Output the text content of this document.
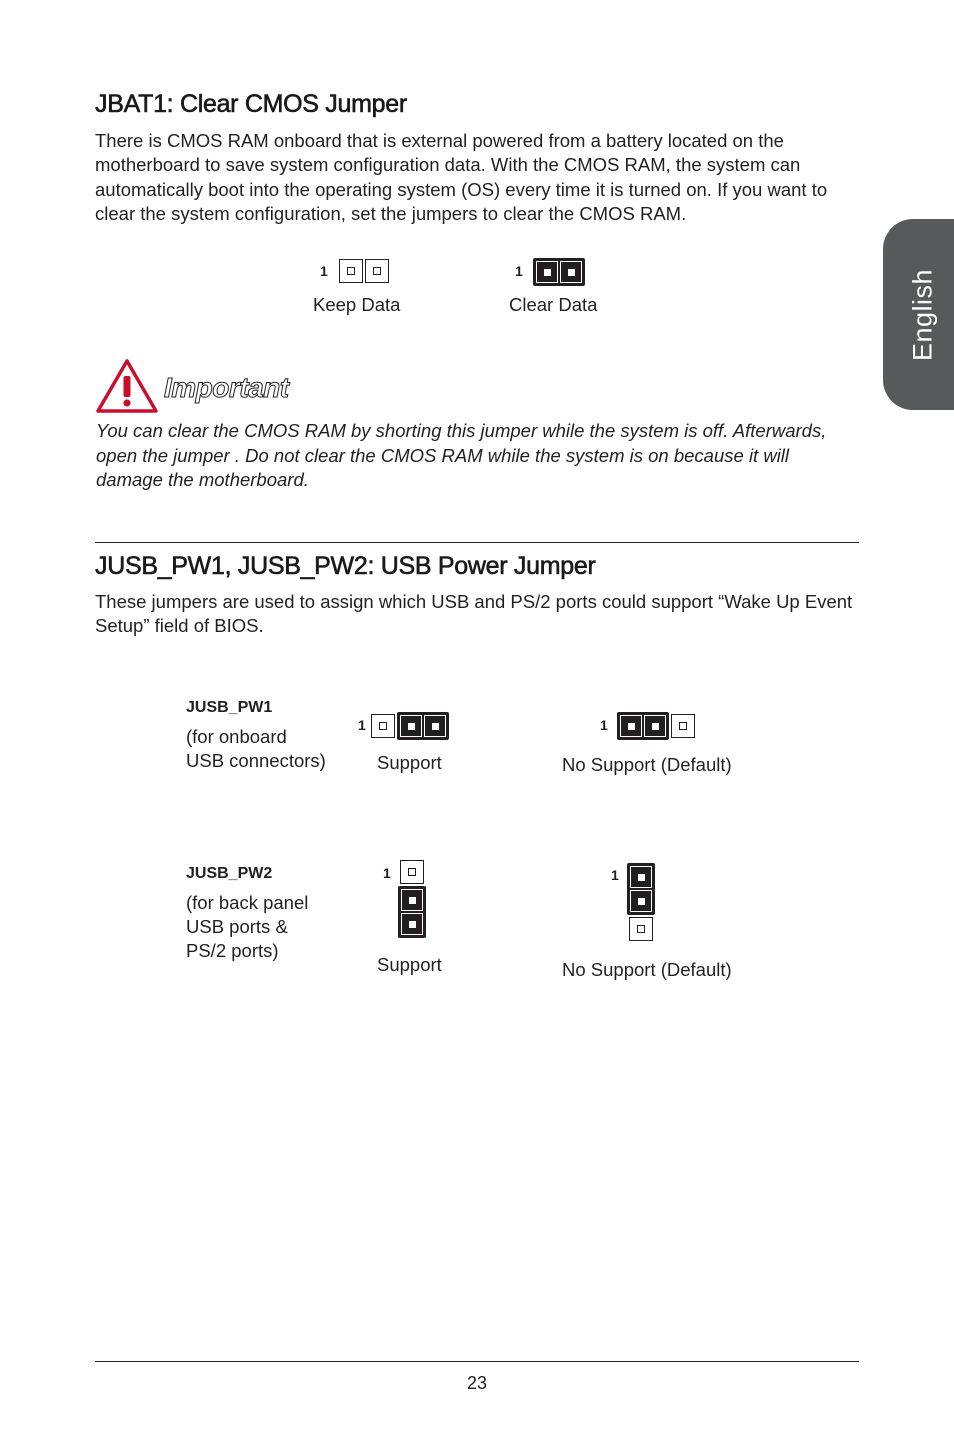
English
JBAT1: Clear CMOS Jumper

There is CMOS RAM onboard that is external powered from a battery located on the motherboard to save system configuration data. With the CMOS RAM, the system can automatically boot into the operating system (OS) every time it is turned on. If you want to clear the system configuration, set the jumpers to clear the CMOS RAM.

1
Keep Data
1
Clear Data
Important

You can clear the CMOS RAM by shorting this jumper while the system is off. Afterwards, open the jumper . Do not clear the CMOS RAM while the system is on because it will damage the motherboard.

JUSB_PW1, JUSB_PW2: USB Power Jumper

These jumpers are used to assign which USB and PS/2 ports could support “Wake Up Event Setup” field of BIOS.

JUSB_PW1
(for onboard
USB connectors)
1
Support
1
No Support (Default)
JUSB_PW2
(for back panel
USB ports &
PS/2 ports)
1
Support
1
No Support (Default)
23
